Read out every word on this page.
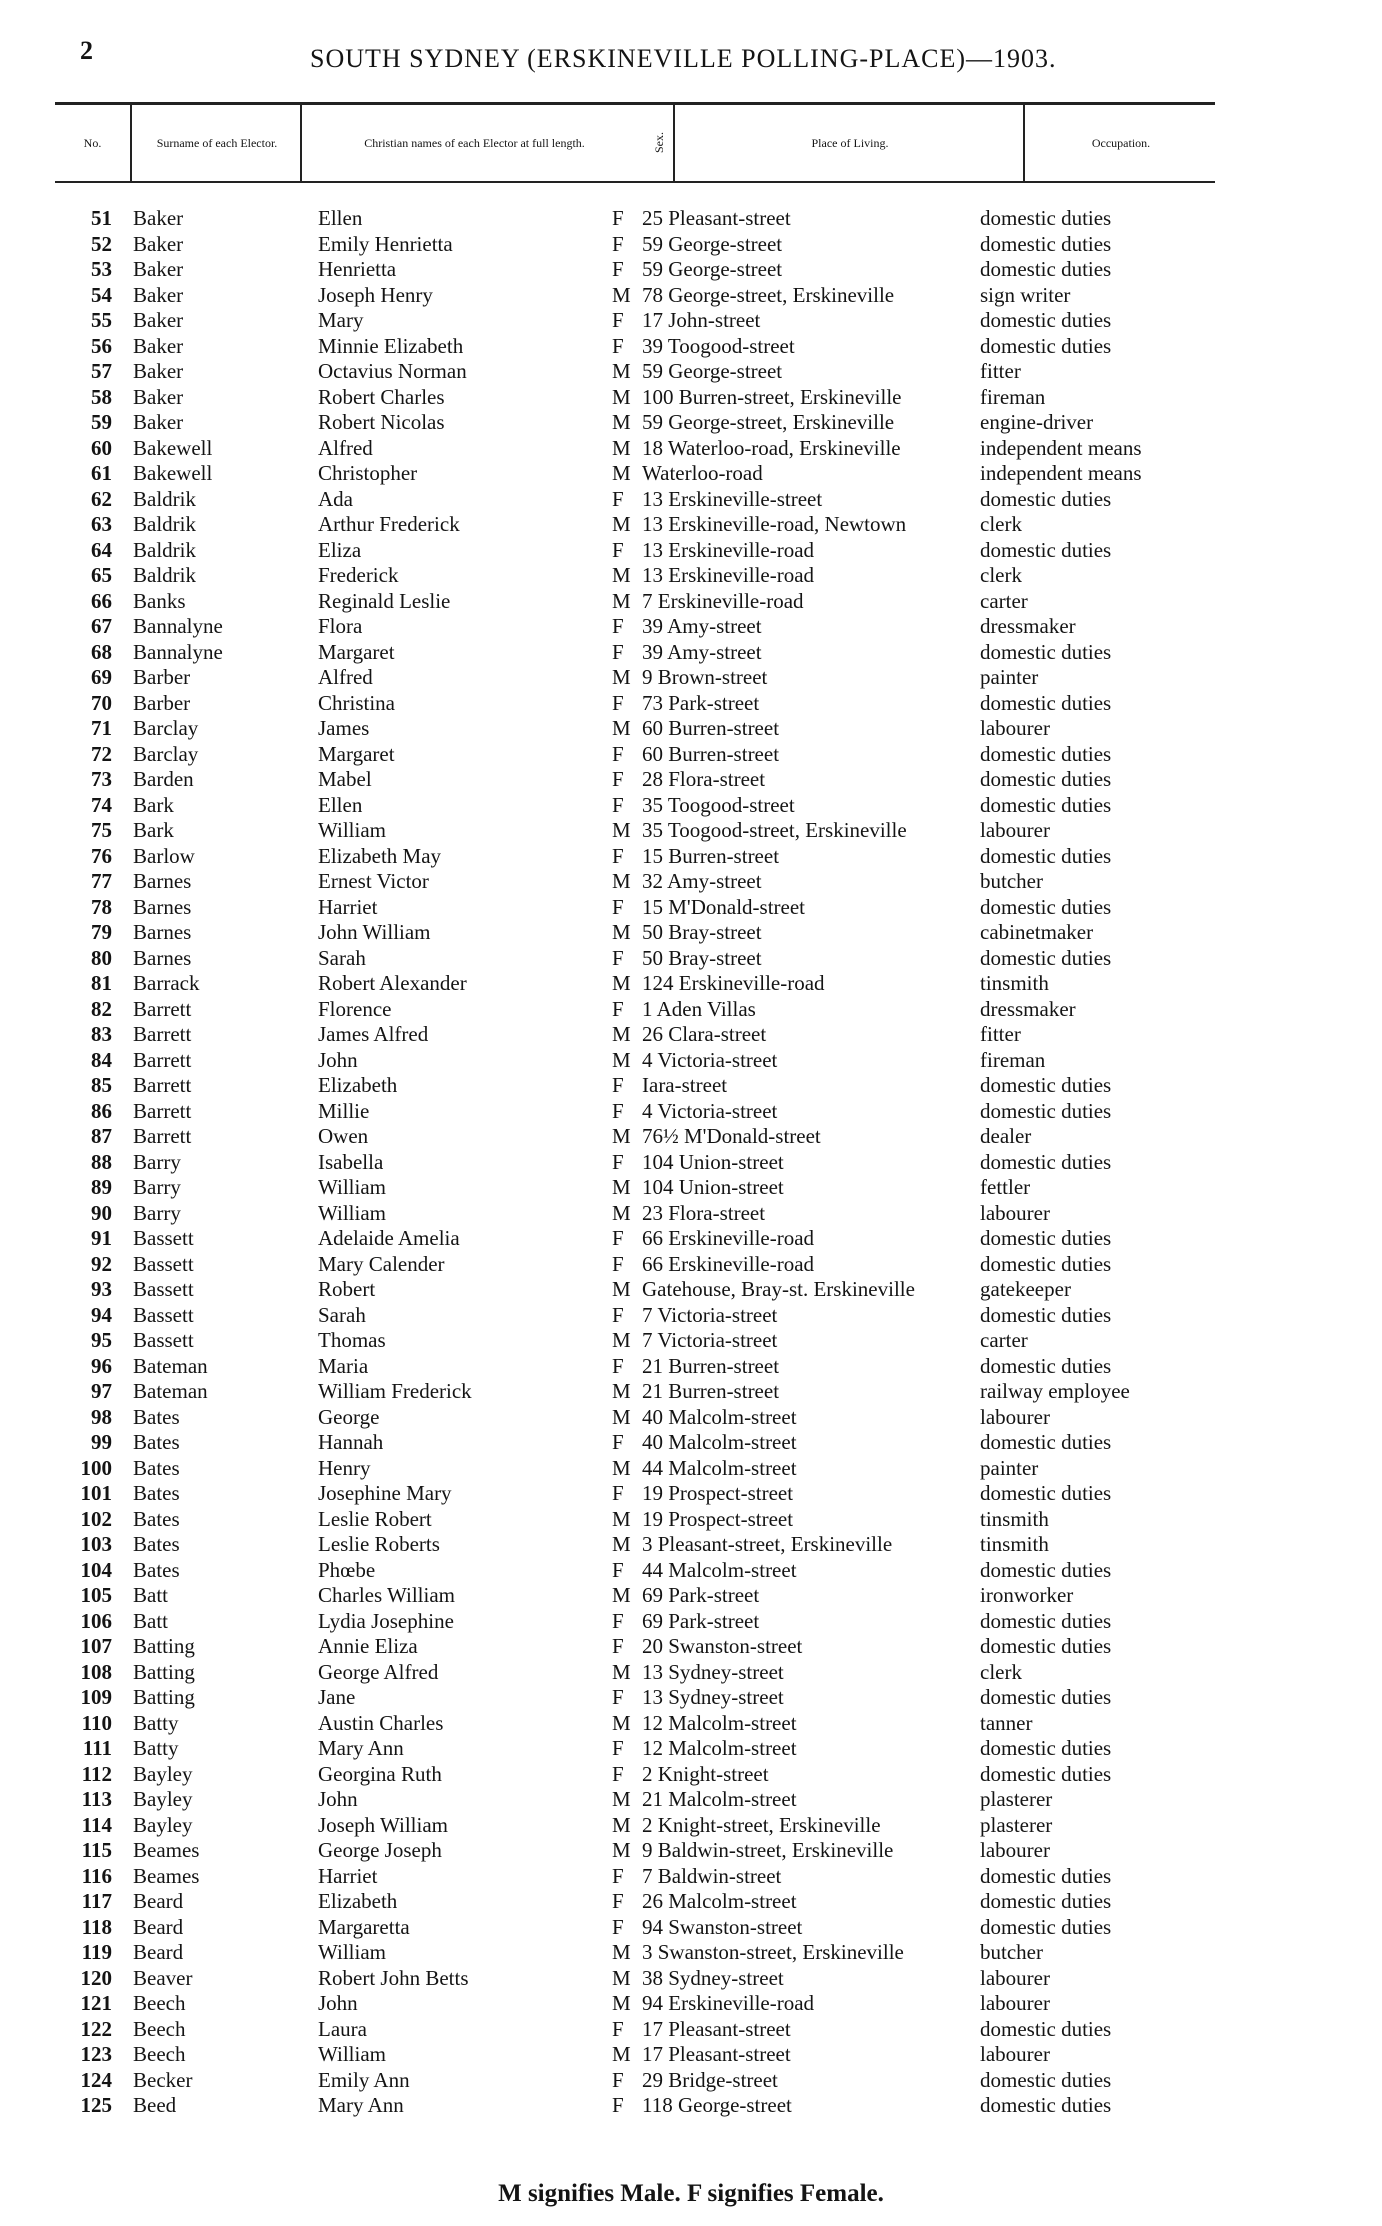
2	SOUTH SYDNEY (ERSKINEVILLE POLLING-PLACE)—1903.
No.	Surname of each Elector.	Christian names of each Elector at full length.	Sex.	Place of Living.	Occupation.
51 Baker	Ellen	F 25 Pleasant-street	domestic duties
52 Baker	Emily Henrietta	F 59 George-street	domestic duties
53 Baker	Henrietta	F 59 George-street	domestic duties
54 Baker	Joseph Henry	M 78 George-street, Erskineville	sign writer
55 Baker	Mary	F 17 John-street	domestic duties
56 Baker	Minnie Elizabeth	F 39 Toogood-street	domestic duties
57 Baker	Octavius Norman	M 59 George-street	fitter
58 Baker	Robert Charles	M 100 Burren-street, Erskineville	fireman
59 Baker	Robert Nicolas	M 59 George-street, Erskineville	engine-driver
60 Bakewell	Alfred	M 18 Waterloo-road, Erskineville	independent means
61 Bakewell	Christopher	M Waterloo-road	independent means
62 Baldrik	Ada	F 13 Erskineville-street	domestic duties
63 Baldrik	Arthur Frederick	M 13 Erskineville-road, Newtown	clerk
64 Baldrik	Eliza	F 13 Erskineville-road	domestic duties
65 Baldrik	Frederick	M 13 Erskineville-road	clerk
66 Banks	Reginald Leslie	M 7 Erskineville-road	carter
67 Bannalyne	Flora	F 39 Amy-street	dressmaker
68 Bannalyne	Margaret	F 39 Amy-street	domestic duties
69 Barber	Alfred	M 9 Brown-street	painter
70 Barber	Christina	F 73 Park-street	domestic duties
71 Barclay	James	M 60 Burren-street	labourer
72 Barclay	Margaret	F 60 Burren-street	domestic duties
73 Barden	Mabel	F 28 Flora-street	domestic duties
74 Bark	Ellen	F 35 Toogood-street	domestic duties
75 Bark	William	M 35 Toogood-street, Erskineville	labourer
76 Barlow	Elizabeth May	F 15 Burren-street	domestic duties
77 Barnes	Ernest Victor	M 32 Amy-street	butcher
78 Barnes	Harriet	F 15 M'Donald-street	domestic duties
79 Barnes	John William	M 50 Bray-street	cabinetmaker
80 Barnes	Sarah	F 50 Bray-street	domestic duties
81 Barrack	Robert Alexander	M 124 Erskineville-road	tinsmith
82 Barrett	Florence	F 1 Aden Villas	dressmaker
83 Barrett	James Alfred	M 26 Clara-street	fitter
84 Barrett	John	M 4 Victoria-street	fireman
85 Barrett	Elizabeth	F Iara-street	domestic duties
86 Barrett	Millie	F 4 Victoria-street	domestic duties
87 Barrett	Owen	M 76½ M'Donald-street	dealer
88 Barry	Isabella	F 104 Union-street	domestic duties
89 Barry	William	M 104 Union-street	fettler
90 Barry	William	M 23 Flora-street	labourer
91 Bassett	Adelaide Amelia	F 66 Erskineville-road	domestic duties
92 Bassett	Mary Calender	F 66 Erskineville-road	domestic duties
93 Bassett	Robert	M Gatehouse, Bray-st. Erskineville	gatekeeper
94 Bassett	Sarah	F 7 Victoria-street	domestic duties
95 Bassett	Thomas	M 7 Victoria-street	carter
96 Bateman	Maria	F 21 Burren-street	domestic duties
97 Bateman	William Frederick	M 21 Burren-street	railway employee
98 Bates	George	M 40 Malcolm-street	labourer
99 Bates	Hannah	F 40 Malcolm-street	domestic duties
100 Bates	Henry	M 44 Malcolm-street	painter
101 Bates	Josephine Mary	F 19 Prospect-street	domestic duties
102 Bates	Leslie Robert	M 19 Prospect-street	tinsmith
103 Bates	Leslie Roberts	M 3 Pleasant-street, Erskineville	tinsmith
104 Bates	Phœbe	F 44 Malcolm-street	domestic duties
105 Batt	Charles William	M 69 Park-street	ironworker
106 Batt	Lydia Josephine	F 69 Park-street	domestic duties
107 Batting	Annie Eliza	F 20 Swanston-street	domestic duties
108 Batting	George Alfred	M 13 Sydney-street	clerk
109 Batting	Jane	F 13 Sydney-street	domestic duties
110 Batty	Austin Charles	M 12 Malcolm-street	tanner
111 Batty	Mary Ann	F 12 Malcolm-street	domestic duties
112 Bayley	Georgina Ruth	F 2 Knight-street	domestic duties
113 Bayley	John	M 21 Malcolm-street	plasterer
114 Bayley	Joseph William	M 2 Knight-street, Erskineville	plasterer
115 Beames	George Joseph	M 9 Baldwin-street, Erskineville	labourer
116 Beames	Harriet	F 7 Baldwin-street	domestic duties
117 Beard	Elizabeth	F 26 Malcolm-street	domestic duties
118 Beard	Margaretta	F 94 Swanston-street	domestic duties
119 Beard	William	M 3 Swanston-street, Erskineville	butcher
120 Beaver	Robert John Betts	M 38 Sydney-street	labourer
121 Beech	John	M 94 Erskineville-road	labourer
122 Beech	Laura	F 17 Pleasant-street	domestic duties
123 Beech	William	M 17 Pleasant-street	labourer
124 Becker	Emily Ann	F 29 Bridge-street	domestic duties
125 Beed	Mary Ann	F 118 George-street	domestic duties
M signifies Male. F signifies Female.
